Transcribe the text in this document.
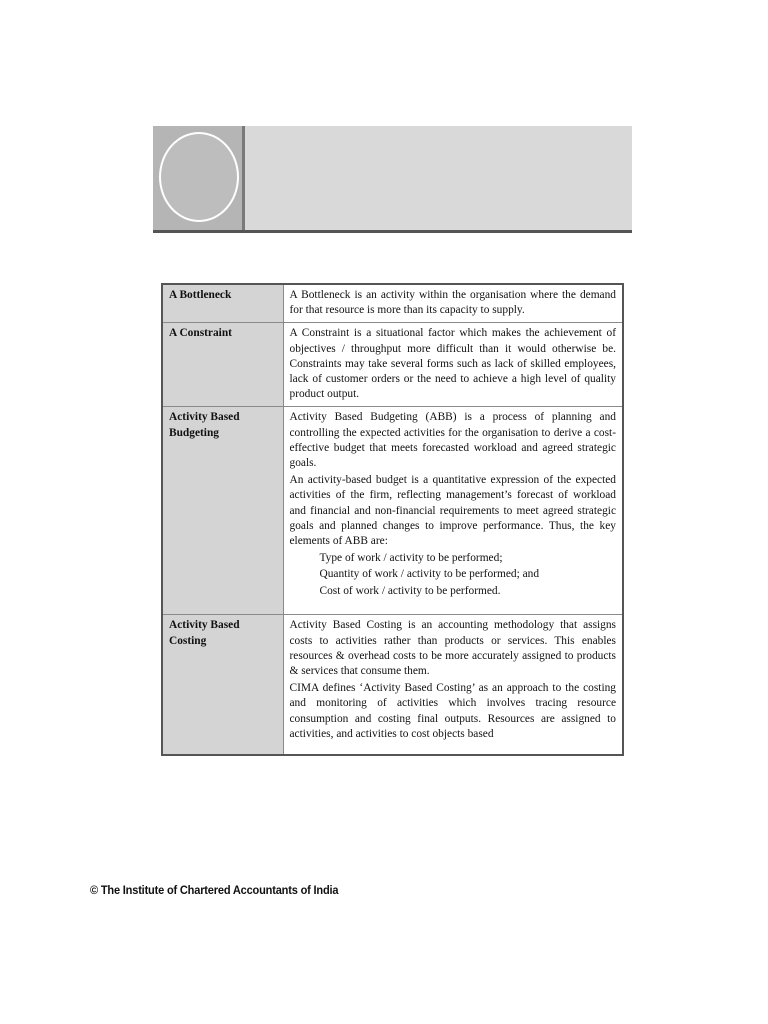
A Bottleneck	A Bottleneck is an activity within the organisation where the demand for that resource is more than its capacity to supply.

A Constraint	A Constraint is a situational factor which makes the achievement of objectives / throughput more difficult than it would otherwise be. Constraints may take several forms such as lack of skilled employees, lack of customer orders or the need to achieve a high level of quality product output.

Activity Based Budgeting	Activity Based Budgeting (ABB) is a process of planning and controlling the expected activities for the organisation to derive a cost-effective budget that meets forecasted workload and agreed strategic goals.

An activity-based budget is a quantitative expression of the expected activities of the firm, reflecting management’s forecast of workload and financial and non-financial requirements to meet agreed strategic goals and planned changes to improve performance. Thus, the key elements of ABB are:

Type of work / activity to be performed;
Quantity of work / activity to be performed; and
Cost of work / activity to be performed.

Activity Based Costing	Activity Based Costing is an accounting methodology that assigns costs to activities rather than products or services. This enables resources & overhead costs to be more accurately assigned to products & services that consume them.

CIMA defines ‘Activity Based Costing’ as an approach to the costing and monitoring of activities which involves tracing resource consumption and costing final outputs. Resources are assigned to activities, and activities to cost objects based

© The Institute of Chartered Accountants of India
